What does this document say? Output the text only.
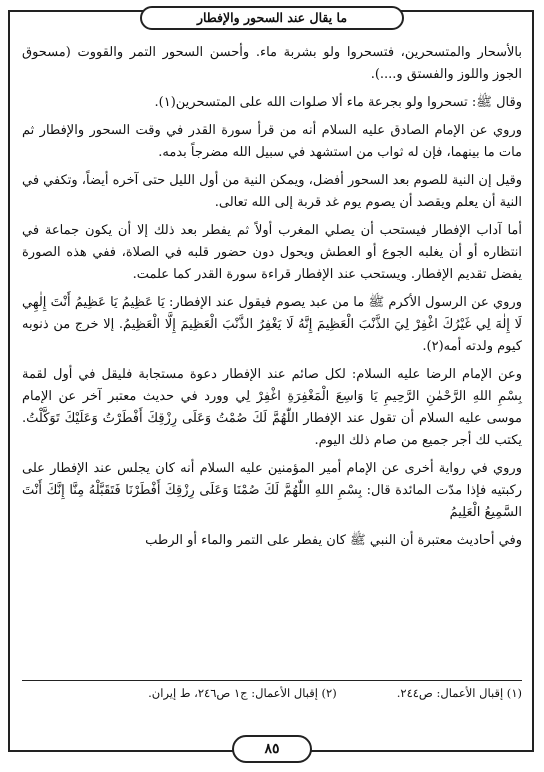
ما يقال عند السحور والإفطار

بالأسحار والمتسحرين، فتسحروا ولو بشربة ماء. وأحسن السحور التمر والقووت (مسحوق الجوز واللوز والفستق و....).

وقال ﷺ: تسحروا ولو بجرعة ماء ألا صلوات الله على المتسحرين(١).

وروي عن الإمام الصادق عليه السلام أنه من قرأ سورة القدر في وقت السحور والإفطار ثم مات ما بينهما، فإن له ثواب من استشهد في سبيل الله مضرجاً بدمه.

وقيل إن النية للصوم بعد السحور أفضل، ويمكن النية من أول الليل حتى آخره أيضاً، وتكفي في النية أن يعلم ويقصد أن يصوم يوم غد قربة إلى الله تعالى.

أما آداب الإفطار فيستحب أن يصلي المغرب أولاً ثم يفطر بعد ذلك إلا أن يكون جماعة في انتظاره أو أن يغلبه الجوع أو العطش ويحول دون حضور قلبه في الصلاة، ففي هذه الصورة يفضل تقديم الإفطار. ويستحب عند الإفطار قراءة سورة القدر كما علمت.

وروي عن الرسول الأكرم ﷺ ما من عبد يصوم فيقول عند الإفطار: يَا عَظِيمُ يَا عَظِيمُ أَنْتَ إِلٰهِي لَا إِلٰهَ لِي غَيْرُكَ اغْفِرْ لِيَ الذَّنْبَ الْعَظِيمَ إِنَّهُ لَا يَغْفِرُ الذَّنْبَ الْعَظِيمَ إِلَّا الْعَظِيمُ. إلا خرج من ذنوبه كيوم ولدته أمه(٢).

وعن الإمام الرضا عليه السلام: لكل صائم عند الإفطار دعوة مستجابة فليقل في أول لقمة بِسْمِ اللهِ الرَّحْمٰنِ الرَّحِيمِ يَا وَاسِعَ الْمَغْفِرَةِ اغْفِرْ لِي وورد في حديث معتبر آخر عن الإمام موسى عليه السلام أن تقول عند الإفطار اللّٰهُمَّ لَكَ صُمْتُ وَعَلَى رِزْقِكَ أَفْطَرْتُ وَعَلَيْكَ تَوَكَّلْتُ. يكتب لك أجر جميع من صام ذلك اليوم.

وروي في رواية أخرى عن الإمام أمير المؤمنين عليه السلام أنه كان يجلس عند الإفطار على ركبتيه فإذا مدّت المائدة قال: بِسْمِ اللهِ اللّٰهُمَّ لَكَ صُمْنَا وَعَلَى رِزْقِكَ أَفْطَرْنَا فَتَقَبَّلْهُ مِنَّا إِنَّكَ أَنْتَ السَّمِيعُ الْعَلِيمُ

وفي أحاديث معتبرة أن النبي ﷺ كان يفطر على التمر والماء أو الرطب

(١) إقبال الأعمال: ص٢٤٤.
(٢) إقبال الأعمال: ج١ ص٢٤٦، ط إيران.
٨٥
